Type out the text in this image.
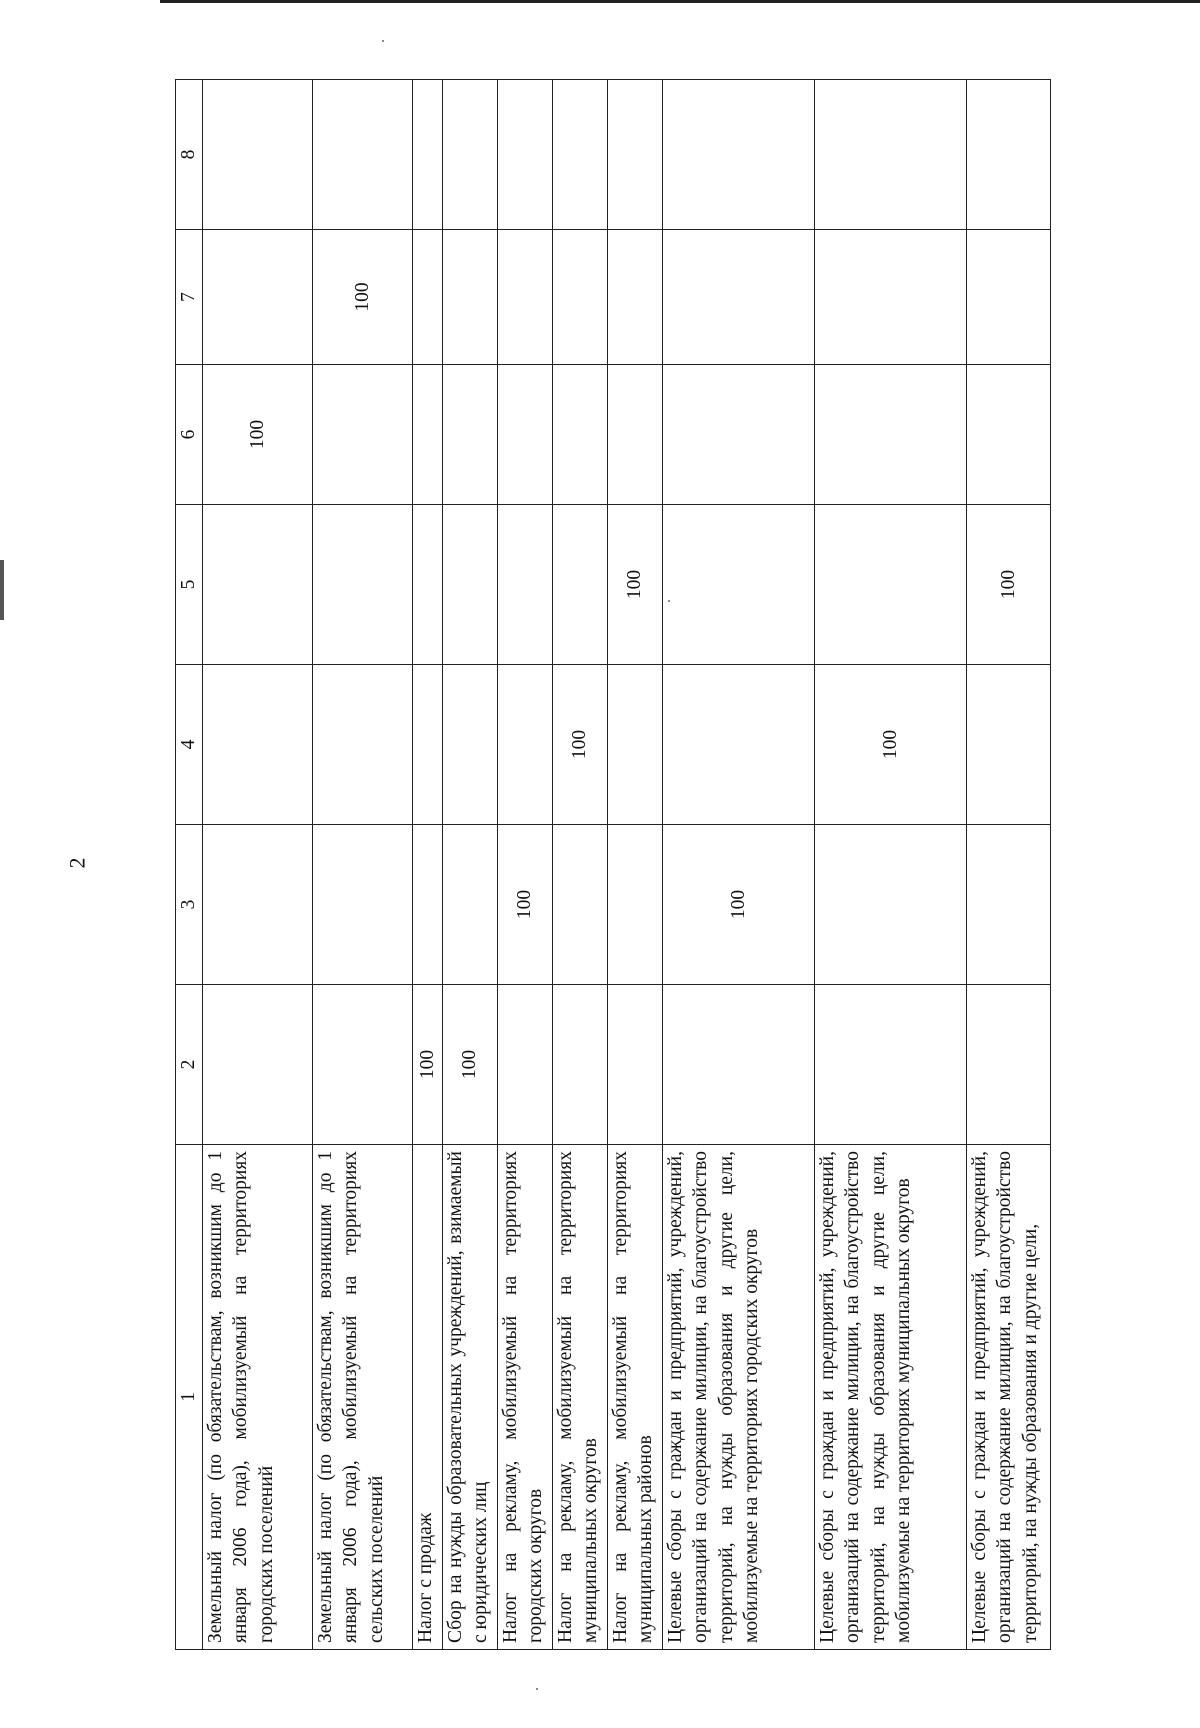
2
1	2	3	4	5	6	7	8
Земельный налог (по обязательствам, возникшим до 1 января 2006 года), мобилизуемый на территориях городских поселений					100		
Земельный налог (по обязательствам, возникшим до 1 января 2006 года), мобилизуемый на территориях сельских поселений						100	
Налог с продаж	100						
Сбор на нужды образовательных учреждений, взимаемый с юридических лиц	100						
Налог на рекламу, мобилизуемый на территориях городских округов		100					
Налог на рекламу, мобилизуемый на территориях муниципальных округов			100				
Налог на рекламу, мобилизуемый на территориях муниципальных районов				100			
Целевые сборы с граждан и предприятий, учреждений, организаций на содержание милиции, на благоустройство территорий, на нужды образования и другие цели, мобилизуемые на территориях городских округов		100					
Целевые сборы с граждан и предприятий, учреждений, организаций на содержание милиции, на благоустройство территорий, на нужды образования и другие цели, мобилизуемые на территориях муниципальных округов			100				
Целевые сборы с граждан и предприятий, учреждений, организаций на содержание милиции, на благоустройство территорий, на нужды образования и другие цели,				100			
